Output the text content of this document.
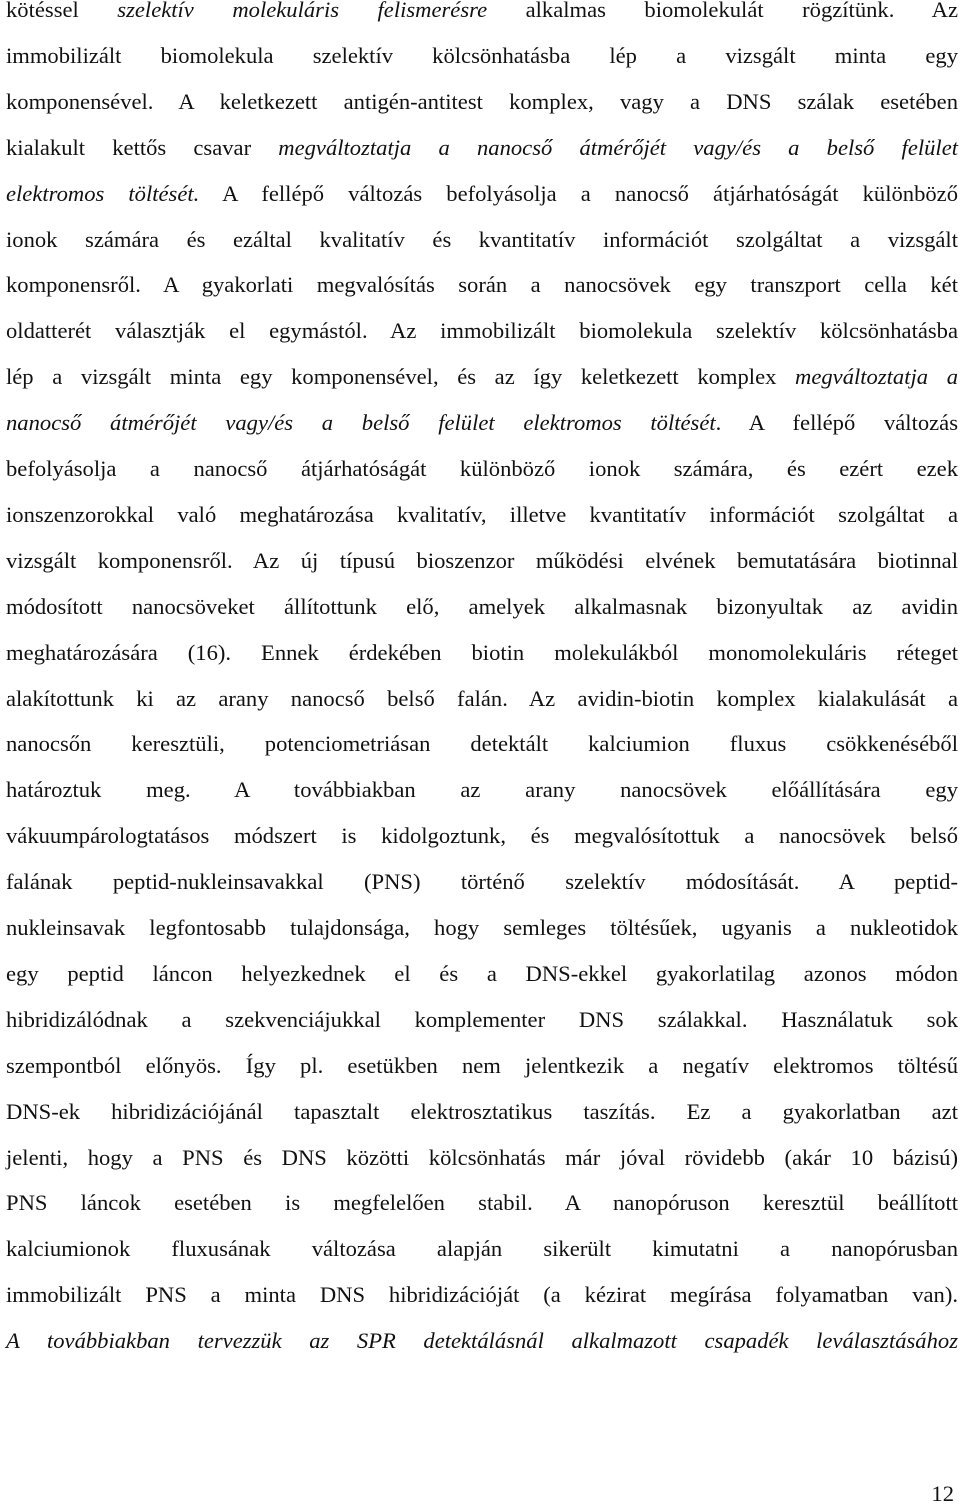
kötéssel szelektív molekuláris felismerésre alkalmas biomolekulát rögzítünk. Az
immobilizált biomolekula szelektív kölcsönhatásba lép a vizsgált minta egy
komponensével. A keletkezett antigén-antitest komplex, vagy a DNS szálak esetében
kialakult kettős csavar megváltoztatja a nanocső átmérőjét vagy/és a belső felület
elektromos töltését. A fellépő változás befolyásolja a nanocső átjárhatóságát különböző
ionok számára és ezáltal kvalitatív és kvantitatív információt szolgáltat a vizsgált
komponensről. A gyakorlati megvalósítás során a nanocsövek egy transzport cella két
oldatterét választják el egymástól. Az immobilizált biomolekula szelektív kölcsönhatásba
lép a vizsgált minta egy komponensével, és az így keletkezett komplex megváltoztatja a
nanocső átmérőjét vagy/és a belső felület elektromos töltését. A fellépő változás
befolyásolja a nanocső átjárhatóságát különböző ionok számára, és ezért ezek
ionszenzorokkal való meghatározása kvalitatív, illetve kvantitatív információt szolgáltat a
vizsgált komponensről. Az új típusú bioszenzor működési elvének bemutatására biotinnal
módosított nanocsöveket állítottunk elő, amelyek alkalmasnak bizonyultak az avidin
meghatározására (16). Ennek érdekében biotin molekulákból monomolekuláris réteget
alakítottunk ki az arany nanocső belső falán. Az avidin-biotin komplex kialakulását a
nanocsőn keresztüli, potenciometriásan detektált kalciumion fluxus csökkenéséből
határoztuk meg. A továbbiakban az arany nanocsövek előállítására egy
vákuumpárologtatásos módszert is kidolgoztunk, és megvalósítottuk a nanocsövek belső
falának peptid-nukleinsavakkal (PNS) történő szelektív módosítását. A peptid-
nukleinsavak legfontosabb tulajdonsága, hogy semleges töltésűek, ugyanis a nukleotidok
egy peptid láncon helyezkednek el és a DNS-ekkel gyakorlatilag azonos módon
hibridizálódnak a szekvenciájukkal komplementer DNS szálakkal. Használatuk sok
szempontból előnyös. Így pl. esetükben nem jelentkezik a negatív elektromos töltésű
DNS-ek hibridizációjánál tapasztalt elektrosztatikus taszítás. Ez a gyakorlatban azt
jelenti, hogy a PNS és DNS közötti kölcsönhatás már jóval rövidebb (akár 10 bázisú)
PNS láncok esetében is megfelelően stabil. A nanopóruson keresztül beállított
kalciumionok fluxusának változása alapján sikerült kimutatni a nanopórusban
immobilizált PNS a minta DNS hibridizációját (a kézirat megírása folyamatban van).
A továbbiakban tervezzük az SPR detektálásnál alkalmazott csapadék leválasztásához
12
